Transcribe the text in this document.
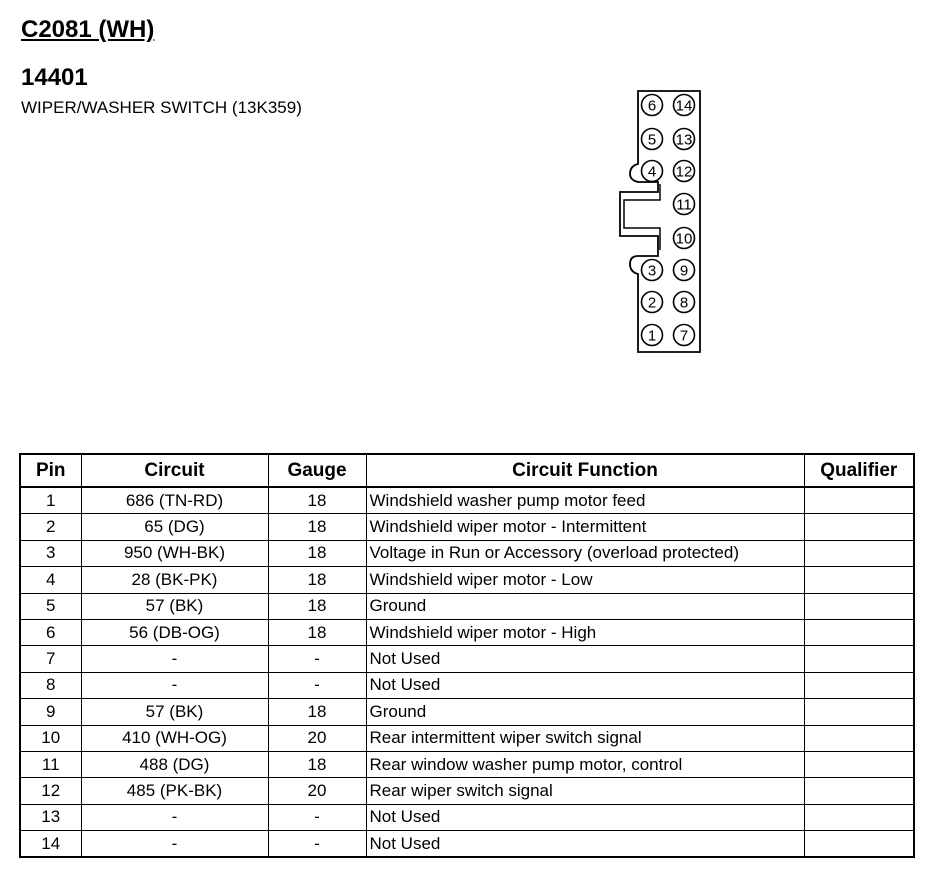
C2081 (WH)
14401
WIPER/WASHER SWITCH (13K359)	6
5
4
3
2
1
14
13
12
11
10
9
8
7
Pin	Circuit	Gauge	Circuit Function	Qualifier
1	686 (TN-RD)	18	Windshield washer pump motor feed	
2	65 (DG)	18	Windshield wiper motor - Intermittent	
3	950 (WH-BK)	18	Voltage in Run or Accessory (overload protected)	
4	28 (BK-PK)	18	Windshield wiper motor - Low	
5	57 (BK)	18	Ground	
6	56 (DB-OG)	18	Windshield wiper motor - High	
7	-	-	Not Used	
8	-	-	Not Used	
9	57 (BK)	18	Ground	
10	410 (WH-OG)	20	Rear intermittent wiper switch signal	
11	488 (DG)	18	Rear window washer pump motor, control	
12	485 (PK-BK)	20	Rear wiper switch signal	
13	-	-	Not Used	
14	-	-	Not Used	
